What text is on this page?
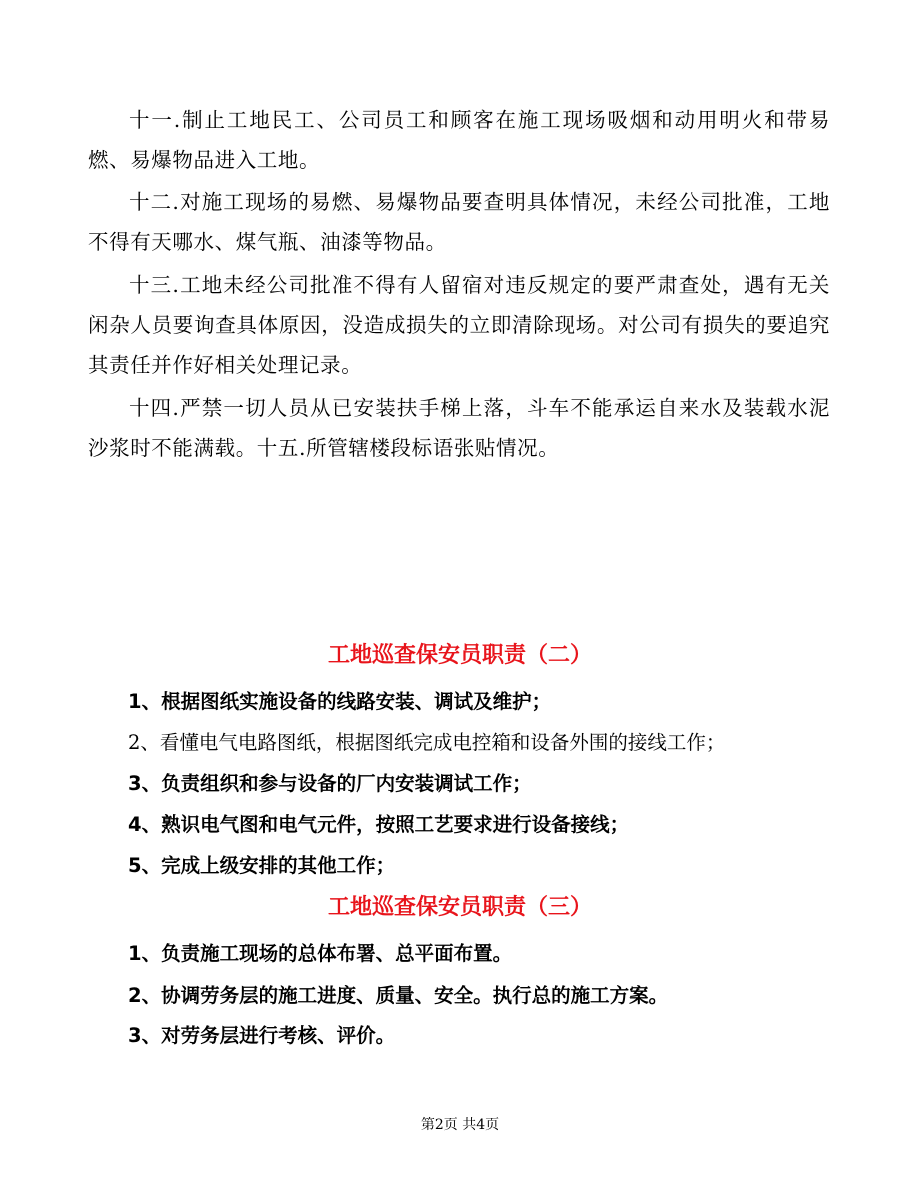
十一.制止工地民工、公司员工和顾客在施工现场吸烟和动用明火和带易燃、易爆物品进入工地。

十二.对施工现场的易燃、易爆物品要查明具体情况，未经公司批准，工地不得有天哪水、煤气瓶、油漆等物品。

十三.工地未经公司批准不得有人留宿对违反规定的要严肃查处，遇有无关闲杂人员要询查具体原因，没造成损失的立即清除现场。对公司有损失的要追究其责任并作好相关处理记录。

十四.严禁一切人员从已安装扶手梯上落，斗车不能承运自来水及装载水泥沙浆时不能满载。十五.所管辖楼段标语张贴情况。

工地巡查保安员职责（二）

1、根据图纸实施设备的线路安装、调试及维护；

2、看懂电气电路图纸，根据图纸完成电控箱和设备外围的接线工作；

3、负责组织和参与设备的厂内安装调试工作；

4、熟识电气图和电气元件，按照工艺要求进行设备接线；

5、完成上级安排的其他工作；

工地巡查保安员职责（三）

1、负责施工现场的总体布署、总平面布置。

2、协调劳务层的施工进度、质量、安全。执行总的施工方案。

3、对劳务层进行考核、评价。

第2页 共4页
